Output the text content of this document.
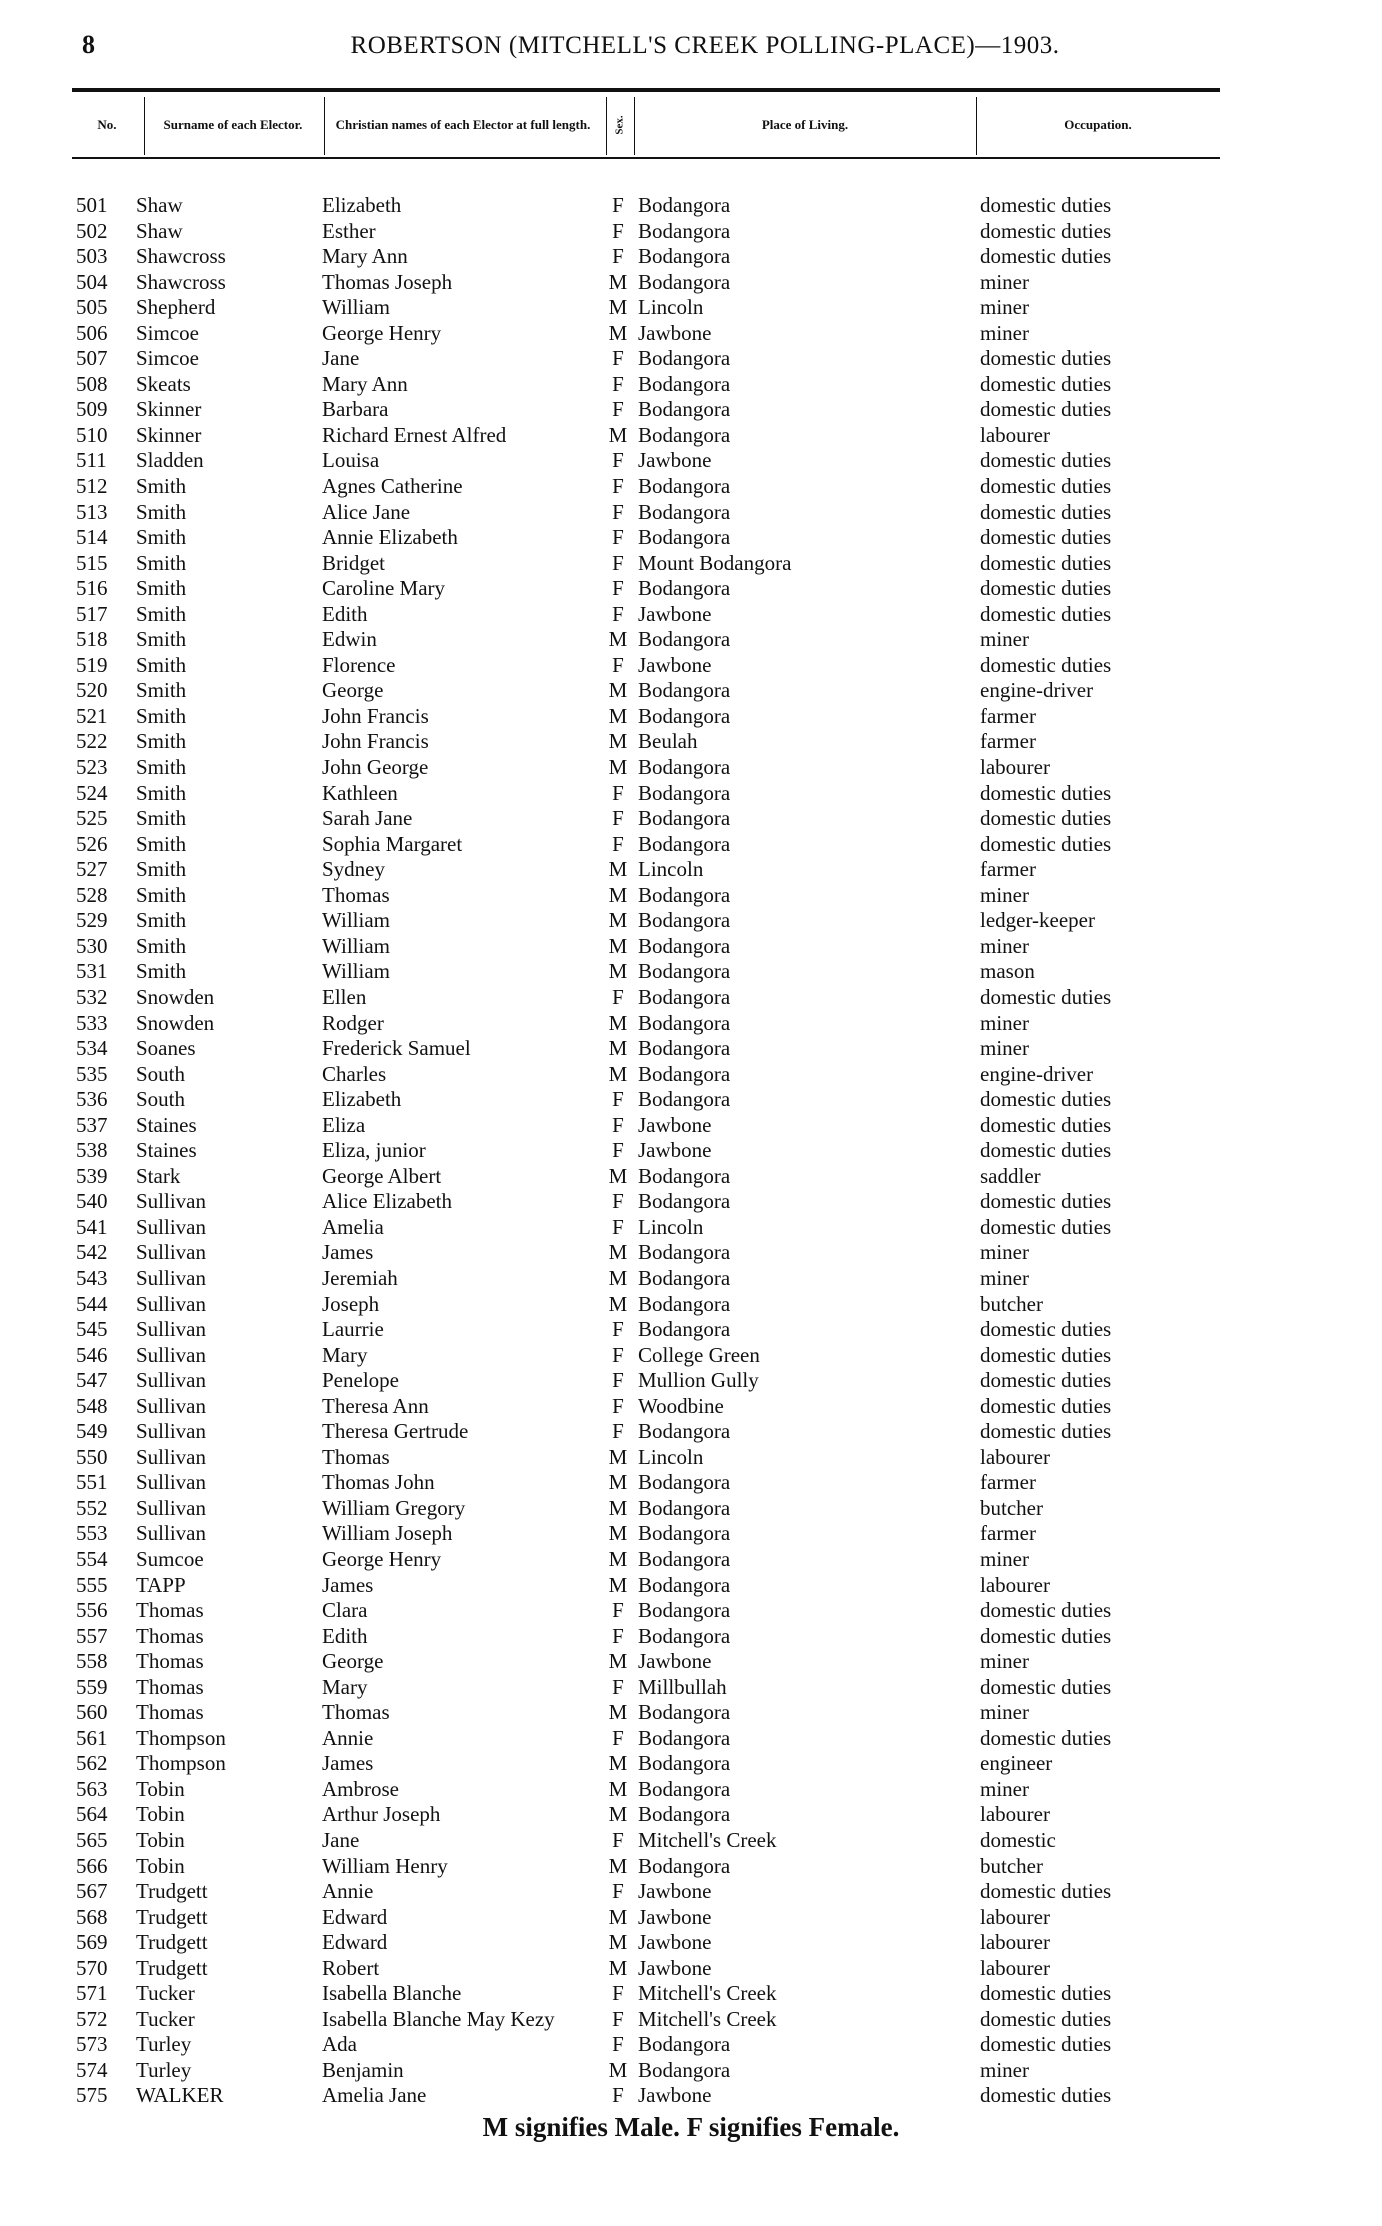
8	ROBERTSON (MITCHELL'S CREEK POLLING-PLACE)—1903.
No.	Surname of each Elector.	Christian names of each Elector at full length.	Sex.	Place of Living.	Occupation.
501 Shaw	Elizabeth	F Bodangora	domestic duties
502 Shaw	Esther	F Bodangora	domestic duties
503 Shawcross	Mary Ann	F Bodangora	domestic duties
504 Shawcross	Thomas Joseph	M Bodangora	miner
505 Shepherd	William	M Lincoln	miner
506 Simcoe	George Henry	M Jawbone	miner
507 Simcoe	Jane	F Bodangora	domestic duties
508 Skeats	Mary Ann	F Bodangora	domestic duties
509 Skinner	Barbara	F Bodangora	domestic duties
510 Skinner	Richard Ernest Alfred	M Bodangora	labourer
511 Sladden	Louisa	F Jawbone	domestic duties
512 Smith	Agnes Catherine	F Bodangora	domestic duties
513 Smith	Alice Jane	F Bodangora	domestic duties
514 Smith	Annie Elizabeth	F Bodangora	domestic duties
515 Smith	Bridget	F Mount Bodangora	domestic duties
516 Smith	Caroline Mary	F Bodangora	domestic duties
517 Smith	Edith	F Jawbone	domestic duties
518 Smith	Edwin	M Bodangora	miner
519 Smith	Florence	F Jawbone	domestic duties
520 Smith	George	M Bodangora	engine-driver
521 Smith	John Francis	M Bodangora	farmer
522 Smith	John Francis	M Beulah	farmer
523 Smith	John George	M Bodangora	labourer
524 Smith	Kathleen	F Bodangora	domestic duties
525 Smith	Sarah Jane	F Bodangora	domestic duties
526 Smith	Sophia Margaret	F Bodangora	domestic duties
527 Smith	Sydney	M Lincoln	farmer
528 Smith	Thomas	M Bodangora	miner
529 Smith	William	M Bodangora	ledger-keeper
530 Smith	William	M Bodangora	miner
531 Smith	William	M Bodangora	mason
532 Snowden	Ellen	F Bodangora	domestic duties
533 Snowden	Rodger	M Bodangora	miner
534 Soanes	Frederick Samuel	M Bodangora	miner
535 South	Charles	M Bodangora	engine-driver
536 South	Elizabeth	F Bodangora	domestic duties
537 Staines	Eliza	F Jawbone	domestic duties
538 Staines	Eliza, junior	F Jawbone	domestic duties
539 Stark	George Albert	M Bodangora	saddler
540 Sullivan	Alice Elizabeth	F Bodangora	domestic duties
541 Sullivan	Amelia	F Lincoln	domestic duties
542 Sullivan	James	M Bodangora	miner
543 Sullivan	Jeremiah	M Bodangora	miner
544 Sullivan	Joseph	M Bodangora	butcher
545 Sullivan	Laurrie	F Bodangora	domestic duties
546 Sullivan	Mary	F College Green	domestic duties
547 Sullivan	Penelope	F Mullion Gully	domestic duties
548 Sullivan	Theresa Ann	F Woodbine	domestic duties
549 Sullivan	Theresa Gertrude	F Bodangora	domestic duties
550 Sullivan	Thomas	M Lincoln	labourer
551 Sullivan	Thomas John	M Bodangora	farmer
552 Sullivan	William Gregory	M Bodangora	butcher
553 Sullivan	William Joseph	M Bodangora	farmer
554 Sumcoe	George Henry	M Bodangora	miner
555 TAPP	James	M Bodangora	labourer
556 Thomas	Clara	F Bodangora	domestic duties
557 Thomas	Edith	F Bodangora	domestic duties
558 Thomas	George	M Jawbone	miner
559 Thomas	Mary	F Millbullah	domestic duties
560 Thomas	Thomas	M Bodangora	miner
561 Thompson	Annie	F Bodangora	domestic duties
562 Thompson	James	M Bodangora	engineer
563 Tobin	Ambrose	M Bodangora	miner
564 Tobin	Arthur Joseph	M Bodangora	labourer
565 Tobin	Jane	F Mitchell's Creek	domestic
566 Tobin	William Henry	M Bodangora	butcher
567 Trudgett	Annie	F Jawbone	domestic duties
568 Trudgett	Edward	M Jawbone	labourer
569 Trudgett	Edward	M Jawbone	labourer
570 Trudgett	Robert	M Jawbone	labourer
571 Tucker	Isabella Blanche	F Mitchell's Creek	domestic duties
572 Tucker	Isabella Blanche May Kezy	F Mitchell's Creek	domestic duties
573 Turley	Ada	F Bodangora	domestic duties
574 Turley	Benjamin	M Bodangora	miner
575 WALKER	Amelia Jane	F Jawbone	domestic duties
M signifies Male. F signifies Female.
